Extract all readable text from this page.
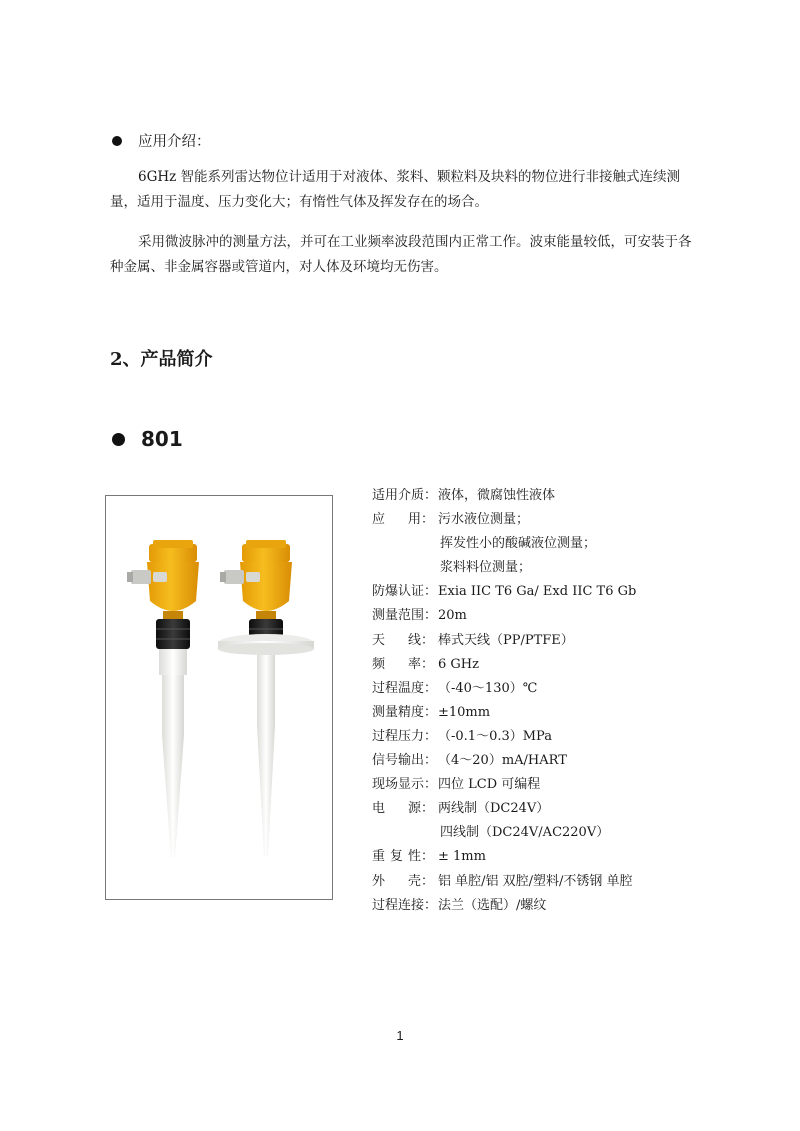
应用介绍：

6GHz 智能系列雷达物位计适用于对液体、浆料、颗粒料及块料的物位进行非接触式连续测量，适用于温度、压力变化大；有惰性气体及挥发存在的场合。

采用微波脉冲的测量方法，并可在工业频率波段范围内正常工作。波束能量较低，可安装于各种金属、非金属容器或管道内，对人体及环境均无伤害。

2、产品简介
801
适用介质： 液体，微腐蚀性液体
应 用： 污水液位测量；
挥发性小的酸碱液位测量；
浆料料位测量；
防爆认证： Exia IIC T6 Ga/ Exd IIC T6 Gb
测量范围： 20m
天 线： 棒式天线（PP/PTFE）
频 率： 6 GHz
过程温度： （-40～130）℃
测量精度： ±10mm
过程压力： （-0.1～0.3）MPa
信号输出： （4～20）mA/HART
现场显示： 四位 LCD 可编程
电 源： 两线制（DC24V）
四线制（DC24V/AC220V）
重 复 性： ± 1mm
外 壳： 铝 单腔/铝 双腔/塑料/不锈钢 单腔
过程连接： 法兰（选配）/螺纹
1
